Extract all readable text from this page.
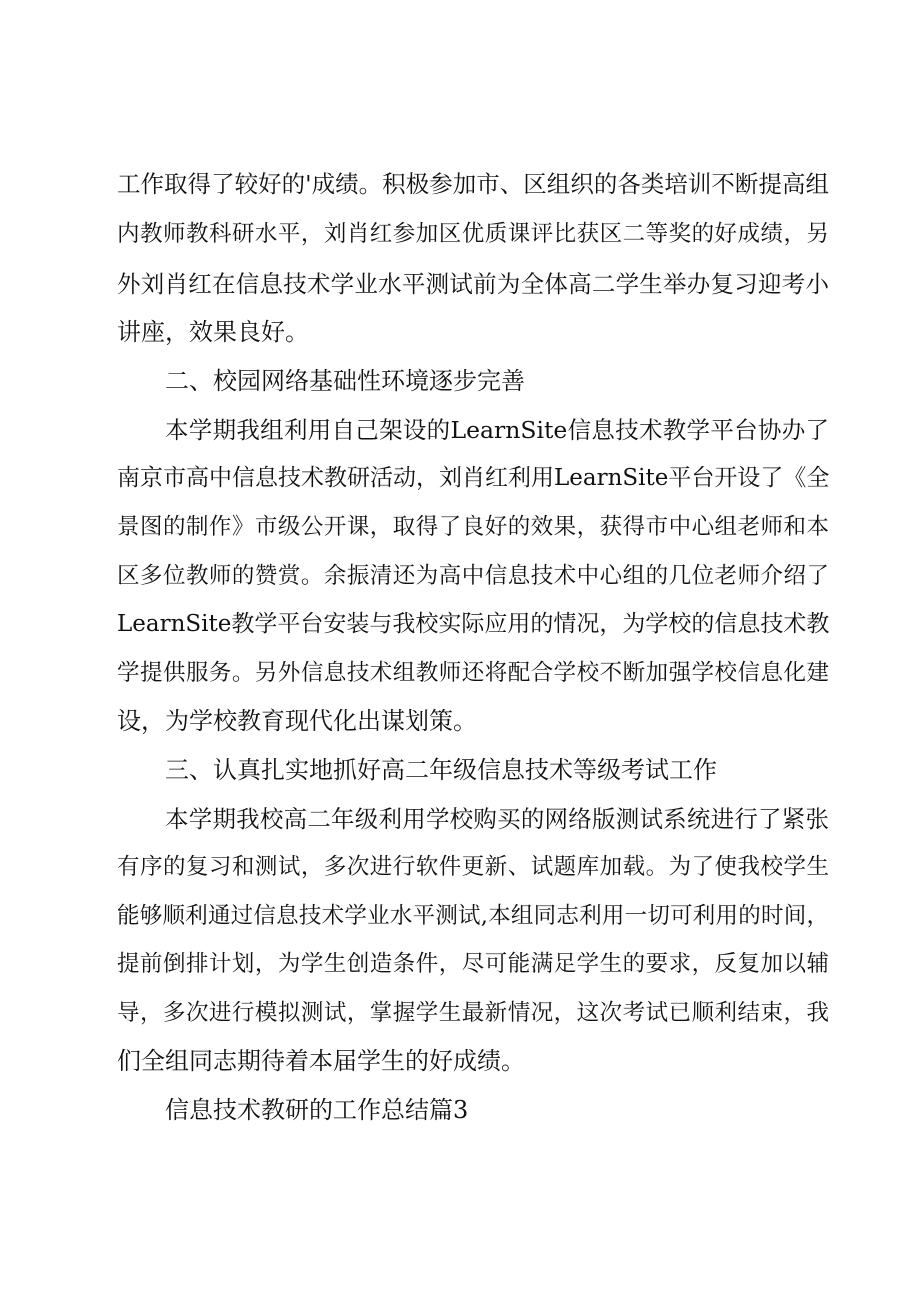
工作取得了较好的'成绩。积极参加市、区组织的各类培训不断提高组
内教师教科研水平，刘肖红参加区优质课评比获区二等奖的好成绩，另
外刘肖红在信息技术学业水平测试前为全体高二学生举办复习迎考小
讲座，效果良好。
二、校园网络基础性环境逐步完善
本学期我组利用自己架设的LearnSite信息技术教学平台协办了
南京市高中信息技术教研活动，刘肖红利用LearnSite平台开设了《全
景图的制作》市级公开课，取得了良好的效果，获得市中心组老师和本
区多位教师的赞赏。余振清还为高中信息技术中心组的几位老师介绍了
LearnSite教学平台安装与我校实际应用的情况，为学校的信息技术教
学提供服务。另外信息技术组教师还将配合学校不断加强学校信息化建
设，为学校教育现代化出谋划策。
三、认真扎实地抓好高二年级信息技术等级考试工作
本学期我校高二年级利用学校购买的网络版测试系统进行了紧张
有序的复习和测试，多次进行软件更新、试题库加载。为了使我校学生
能够顺利通过信息技术学业水平测试,本组同志利用一切可利用的时间，
提前倒排计划，为学生创造条件，尽可能满足学生的要求，反复加以辅
导，多次进行模拟测试，掌握学生最新情况，这次考试已顺利结束，我
们全组同志期待着本届学生的好成绩。
信息技术教研的工作总结篇3
